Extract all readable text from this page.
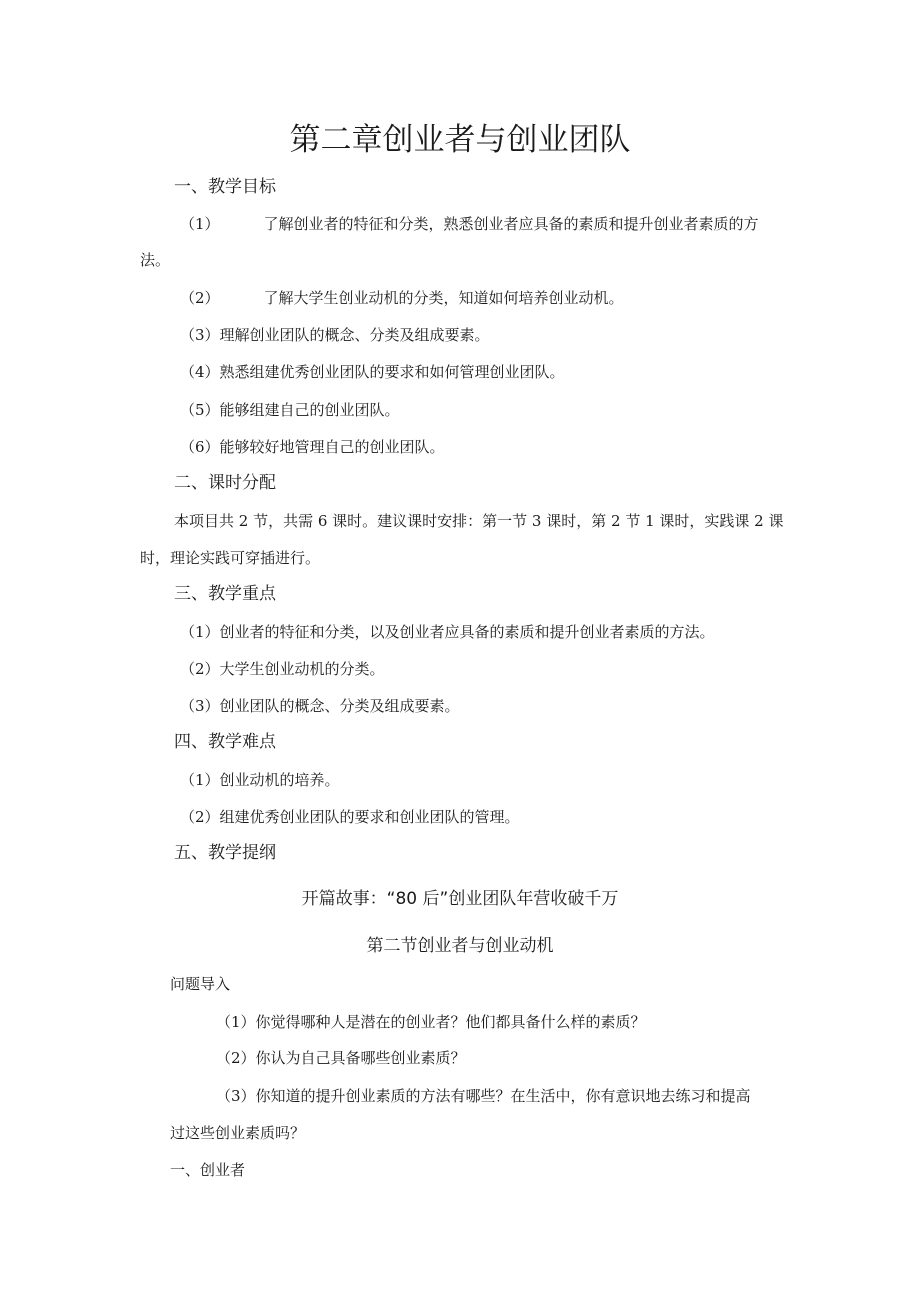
第二章创业者与创业团队
一、教学目标
（1）	了解创业者的特征和分类，熟悉创业者应具备的素质和提升创业者素质的方
法。
（2）	了解大学生创业动机的分类，知道如何培养创业动机。
（3）理解创业团队的概念、分类及组成要素。
（4）熟悉组建优秀创业团队的要求和如何管理创业团队。
（5）能够组建自己的创业团队。
（6）能够较好地管理自己的创业团队。
二、课时分配
本项目共 2 节，共需 6 课时。建议课时安排：第一节 3 课时，第 2 节 1 课时，实践课 2 课
时，理论实践可穿插进行。
三、教学重点
（1）创业者的特征和分类，以及创业者应具备的素质和提升创业者素质的方法。
（2）大学生创业动机的分类。
（3）创业团队的概念、分类及组成要素。
四、教学难点
（1）创业动机的培养。
（2）组建优秀创业团队的要求和创业团队的管理。
五、教学提纲
开篇故事：“80 后”创业团队年营收破千万
第二节创业者与创业动机
问题导入
（1）你觉得哪种人是潜在的创业者？他们都具备什么样的素质？
（2）你认为自己具备哪些创业素质？
（3）你知道的提升创业素质的方法有哪些？在生活中，你有意识地去练习和提高
过这些创业素质吗？
一、创业者
